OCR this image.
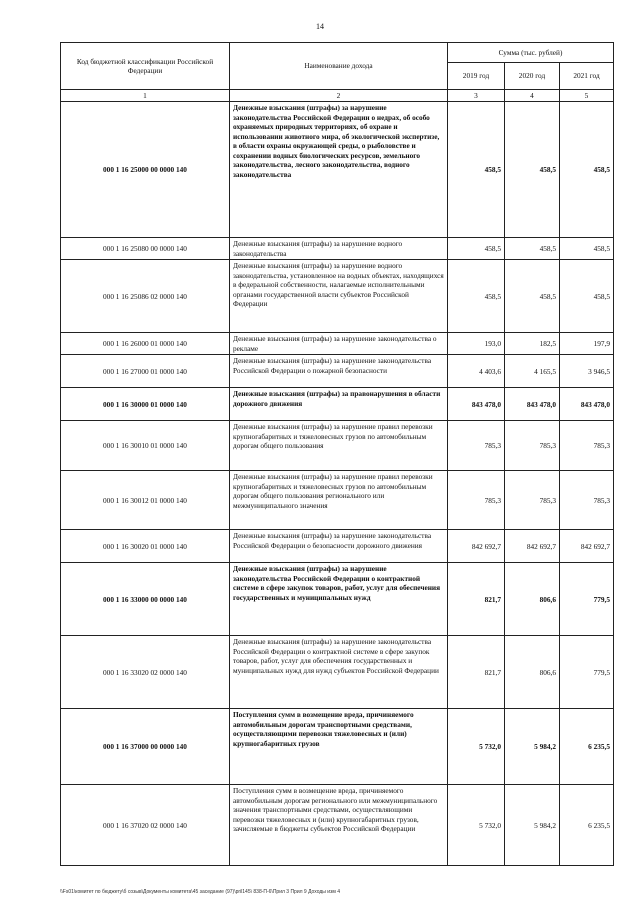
14
Код бюджетной классификации Российской Федерации	Наименование дохода	Сумма (тыс. рублей)		
		2019 год	2020 год	2021 год
1	2	3	4	5
000 1 16 25000 00 0000 140	Денежные взыскания (штрафы) за нарушение законодательства Российской Федерации о недрах, об особо охраняемых природных территориях, об охране и использовании животного мира, об экологической экспертизе, в области охраны окружающей среды, о рыболовстве и сохранении водных биологических ресурсов, земельного законодательства, лесного законодательства, водного законодательства	458,5	458,5	458,5
000 1 16 25080 00 0000 140	Денежные взыскания (штрафы) за нарушение водного законодательства	458,5	458,5	458,5
000 1 16 25086 02 0000 140	Денежные взыскания (штрафы) за нарушение водного законодательства, установленное на водных объектах, находящихся в федеральной собственности, налагаемые исполнительными органами государственной власти субъектов Российской Федерации	458,5	458,5	458,5
000 1 16 26000 01 0000 140	Денежные взыскания (штрафы) за нарушение законодательства о рекламе	193,0	182,5	197,9
000 1 16 27000 01 0000 140	Денежные взыскания (штрафы) за нарушение законодательства Российской Федерации о пожарной безопасности	4 403,6	4 165,5	3 946,5
000 1 16 30000 01 0000 140	Денежные взыскания (штрафы) за правонарушения в области дорожного движения	843 478,0	843 478,0	843 478,0
000 1 16 30010 01 0000 140	Денежные взыскания (штрафы) за нарушение правил перевозки крупногабаритных и тяжеловесных грузов по автомобильным дорогам общего пользования	785,3	785,3	785,3
000 1 16 30012 01 0000 140	Денежные взыскания (штрафы) за нарушение правил перевозки крупногабаритных и тяжеловесных грузов по автомобильным дорогам общего пользования регионального или межмуниципального значения	785,3	785,3	785,3
000 1 16 30020 01 0000 140	Денежные взыскания (штрафы) за нарушение законодательства Российской Федерации о безопасности дорожного движения	842 692,7	842 692,7	842 692,7
000 1 16 33000 00 0000 140	Денежные взыскания (штрафы) за нарушение законодательства Российской Федерации о контрактной системе в сфере закупок товаров, работ, услуг для обеспечения государственных и муниципальных нужд	821,7	806,6	779,5
000 1 16 33020 02 0000 140	Денежные взыскания (штрафы) за нарушение законодательства Российской Федерации о контрактной системе в сфере закупок товаров, работ, услуг для обеспечения государственных и муниципальных нужд для нужд субъектов Российской Федерации	821,7	806,6	779,5
000 1 16 37000 00 0000 140	Поступления сумм в возмещение вреда, причиняемого автомобильным дорогам транспортными средствами, осуществляющими перевозки тяжеловесных и (или) крупногабаритных грузов	5 732,0	5 984,2	6 235,5
000 1 16 37020 02 0000 140	Поступления сумм в возмещение вреда, причиняемого автомобильным дорогам регионального или межмуниципального значения транспортными средствами, осуществляющими перевозки тяжеловесных и (или) крупногабаритных грузов, зачисляемые в бюджеты субъектов Российской Федерации	5 732,0	5 984,2	6 235,5
\\Fs01\комитет по бюджету\б созыв\Документы комитета\45 заседание (97)\pril145\ 838-П-6\Прил 3 Прил 9 Доходы изм 4
